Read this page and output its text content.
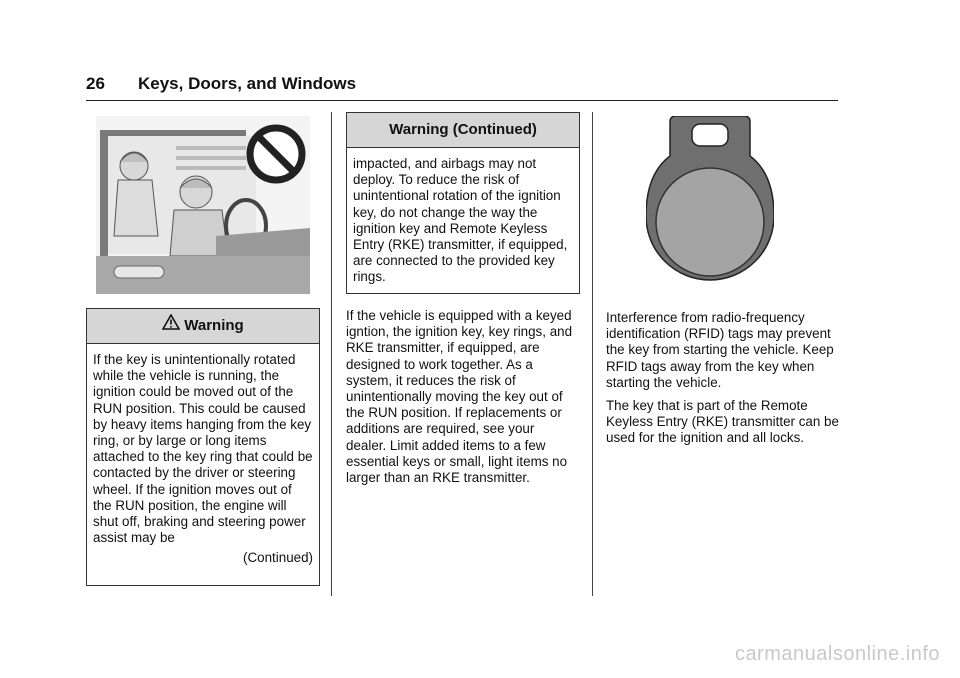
26 Keys, Doors, and Windows
Warning
If the key is unintentionally rotated while the vehicle is running, the ignition could be moved out of the RUN position. This could be caused by heavy items hanging from the key ring, or by large or long items attached to the key ring that could be contacted by the driver or steering wheel. If the ignition moves out of the RUN position, the engine will shut off, braking and steering power assist may be
(Continued)
Warning (Continued)
impacted, and airbags may not deploy. To reduce the risk of unintentional rotation of the ignition key, do not change the way the ignition key and Remote Keyless Entry (RKE) transmitter, if equipped, are connected to the provided key rings.
If the vehicle is equipped with a keyed igntion, the ignition key, key rings, and RKE transmitter, if equipped, are designed to work together. As a system, it reduces the risk of unintentionally moving the key out of the RUN position. If replacements or additions are required, see your dealer. Limit added items to a few essential keys or small, light items no larger than an RKE transmitter.

Interference from radio-frequency identification (RFID) tags may prevent the key from starting the vehicle. Keep RFID tags away from the key when starting the vehicle.

The key that is part of the Remote Keyless Entry (RKE) transmitter can be used for the ignition and all locks.

carmanualsonline.info
